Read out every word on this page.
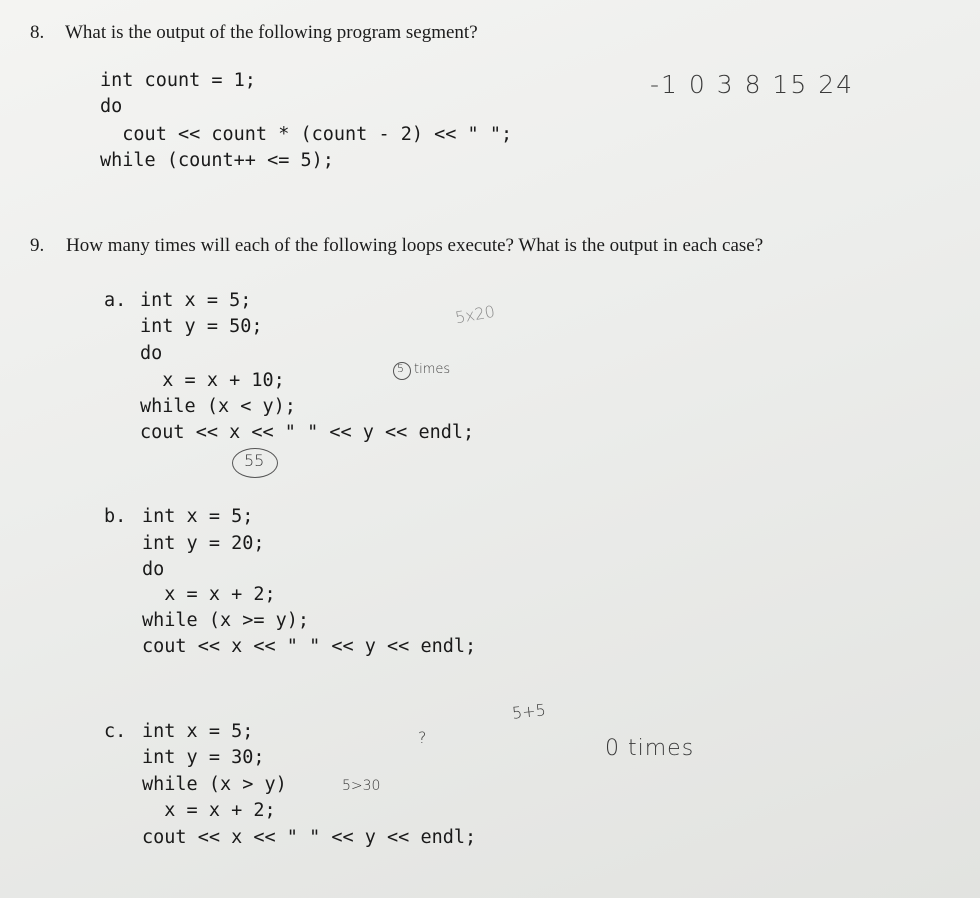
8. What is the output of the following program segment?
int count = 1;
do
cout << count * (count - 2) << " ";
while (count++ <= 5);
-1 0 3 8 15 24
9. How many times will each of the following loops execute? What is the output in each case?
a. int x = 5;
int y = 50;
do
x = x + 10;
while (x < y);
cout << x << " " << y << endl;
5x20
5 times
55
b. int x = 5;
int y = 20;
do
x = x + 2;
while (x >= y);
cout << x << " " << y << endl;
c. int x = 5;
int y = 30;
while (x > y)
x = x + 2;
cout << x << " " << y << endl;
?
5+5
5>30
0 times
